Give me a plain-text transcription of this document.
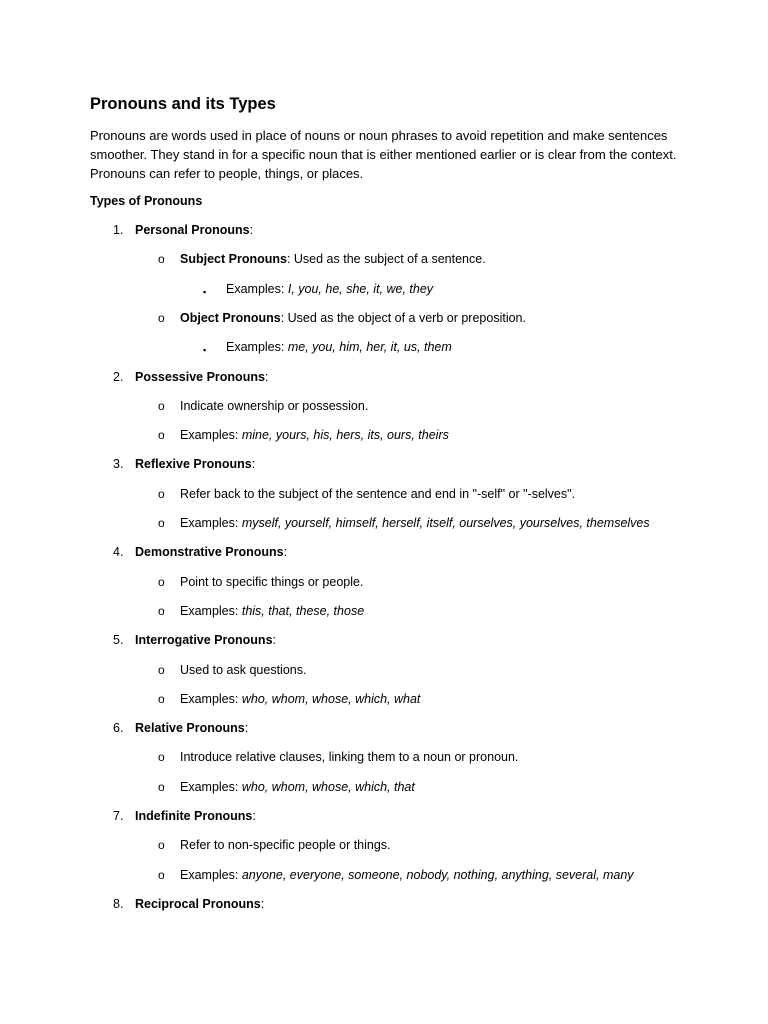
Pronouns and its Types

Pronouns are words used in place of nouns or noun phrases to avoid repetition and make sentences
smoother. They stand in for a specific noun that is either mentioned earlier or is clear from the context.
Pronouns can refer to people, things, or places.

Types of Pronouns
1. Personal Pronouns:
o Subject Pronouns: Used as the subject of a sentence.
▪ Examples: I, you, he, she, it, we, they
o Object Pronouns: Used as the object of a verb or preposition.
▪ Examples: me, you, him, her, it, us, them
2. Possessive Pronouns:
o Indicate ownership or possession.
o Examples: mine, yours, his, hers, its, ours, theirs
3. Reflexive Pronouns:
o Refer back to the subject of the sentence and end in "-self" or "-selves".
o Examples: myself, yourself, himself, herself, itself, ourselves, yourselves, themselves
4. Demonstrative Pronouns:
o Point to specific things or people.
o Examples: this, that, these, those
5. Interrogative Pronouns:
o Used to ask questions.
o Examples: who, whom, whose, which, what
6. Relative Pronouns:
o Introduce relative clauses, linking them to a noun or pronoun.
o Examples: who, whom, whose, which, that
7. Indefinite Pronouns:
o Refer to non-specific people or things.
o Examples: anyone, everyone, someone, nobody, nothing, anything, several, many
8. Reciprocal Pronouns:
